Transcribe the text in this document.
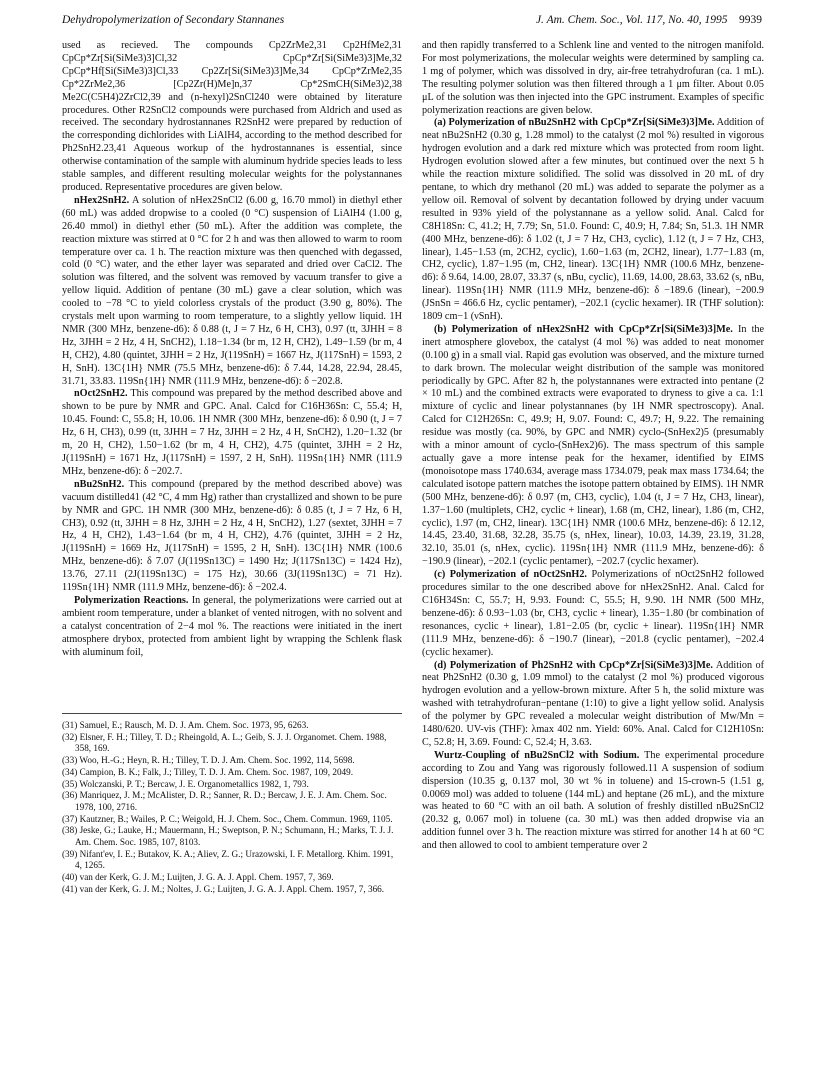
Dehydropolymerization of Secondary Stannanes	J. Am. Chem. Soc., Vol. 117, No. 40, 1995 9939

used as recieved. The compounds Cp2ZrMe2,31 Cp2HfMe2,31 CpCp*Zr[Si(SiMe3)3]Cl,32 CpCp*Zr[Si(SiMe3)3]Me,32 CpCp*Hf[Si(SiMe3)3]Cl,33 Cp2Zr[Si(SiMe3)3]Me,34 CpCp*ZrMe2,35 Cp*2ZrMe2,36 [Cp2Zr(H)Me]n,37 Cp*2SmCH(SiMe3)2,38 Me2C(C5H4)2ZrCl2,39 and (n-hexyl)2SnCl240 were obtained by literature procedures. Other R2SnCl2 compounds were purchased from Aldrich and used as received. The secondary hydrostannanes R2SnH2 were prepared by reduction of the corresponding dichlorides with LiAlH4, according to the method described for Ph2SnH2.23,41 Aqueous workup of the hydrostannanes is essential, since otherwise contamination of the sample with aluminum hydride species leads to less stable samples, and different resulting molecular weights for the polystannanes produced. Representative procedures are given below.

nHex2SnH2. A solution of nHex2SnCl2 (6.00 g, 16.70 mmol) in diethyl ether (60 mL) was added dropwise to a cooled (0 °C) suspension of LiAlH4 (1.00 g, 26.40 mmol) in diethyl ether (50 mL). After the addition was complete, the reaction mixture was stirred at 0 °C for 2 h and was then allowed to warm to room temperature over ca. 1 h. The reaction mixture was then quenched with degassed, cold (0 °C) water, and the ether layer was separated and dried over CaCl2. The solution was filtered, and the solvent was removed by vacuum transfer to give a yellow liquid. Addition of pentane (30 mL) gave a clear solution, which was cooled to −78 °C to yield colorless crystals of the product (3.90 g, 80%). The crystals melt upon warming to room temperature, to a slightly yellow liquid. 1H NMR (300 MHz, benzene-d6): δ 0.88 (t, J = 7 Hz, 6 H, CH3), 0.97 (tt, 3JHH = 8 Hz, 3JHH = 2 Hz, 4 H, SnCH2), 1.18−1.34 (br m, 12 H, CH2), 1.49−1.59 (br m, 4 H, CH2), 4.80 (quintet, 3JHH = 2 Hz, J(119SnH) = 1667 Hz, J(117SnH) = 1593, 2 H, SnH). 13C{1H} NMR (75.5 MHz, benzene-d6): δ 7.44, 14.28, 22.94, 28.45, 31.71, 33.83. 119Sn{1H} NMR (111.9 MHz, benzene-d6): δ −202.8.

nOct2SnH2. This compound was prepared by the method described above and shown to be pure by NMR and GPC. Anal. Calcd for C16H36Sn: C, 55.4; H, 10.45. Found: C, 55.8; H, 10.06. 1H NMR (300 MHz, benzene-d6): δ 0.90 (t, J = 7 Hz, 6 H, CH3), 0.99 (tt, 3JHH = 7 Hz, 3JHH = 2 Hz, 4 H, SnCH2), 1.20−1.32 (br m, 20 H, CH2), 1.50−1.62 (br m, 4 H, CH2), 4.75 (quintet, 3JHH = 2 Hz, J(119SnH) = 1671 Hz, J(117SnH) = 1597, 2 H, SnH). 119Sn{1H} NMR (111.9 MHz, benzene-d6): δ −202.7.

nBu2SnH2. This compound (prepared by the method described above) was vacuum distilled41 (42 °C, 4 mm Hg) rather than crystallized and shown to be pure by NMR and GPC. 1H NMR (300 MHz, benzene-d6): δ 0.85 (t, J = 7 Hz, 6 H, CH3), 0.92 (tt, 3JHH = 8 Hz, 3JHH = 2 Hz, 4 H, SnCH2), 1.27 (sextet, 3JHH = 7 Hz, 4 H, CH2), 1.43−1.64 (br m, 4 H, CH2), 4.76 (quintet, 3JHH = 2 Hz, J(119SnH) = 1669 Hz, J(117SnH) = 1595, 2 H, SnH). 13C{1H} NMR (100.6 MHz, benzene-d6): δ 7.07 (J(119Sn13C) = 1490 Hz; J(117Sn13C) = 1424 Hz), 13.76, 27.11 (2J(119Sn13C) = 175 Hz), 30.66 (3J(119Sn13C) = 71 Hz). 119Sn{1H} NMR (111.9 MHz, benzene-d6): δ −202.4.

Polymerization Reactions. In general, the polymerizations were carried out at ambient room temperature, under a blanket of vented nitrogen, with no solvent and a catalyst concentration of 2−4 mol %. The reactions were initiated in the inert atmosphere drybox, protected from ambient light by wrapping the Schlenk flask with aluminum foil,

(31) Samuel, E.; Rausch, M. D. J. Am. Chem. Soc. 1973, 95, 6263.
(32) Elsner, F. H.; Tilley, T. D.; Rheingold, A. L.; Geib, S. J. J. Organomet. Chem. 1988, 358, 169.
(33) Woo, H.-G.; Heyn, R. H.; Tilley, T. D. J. Am. Chem. Soc. 1992, 114, 5698.
(34) Campion, B. K.; Falk, J.; Tilley, T. D. J. Am. Chem. Soc. 1987, 109, 2049.
(35) Wolczanski, P. T.; Bercaw, J. E. Organometallics 1982, 1, 793.
(36) Manriquez, J. M.; McAlister, D. R.; Sanner, R. D.; Bercaw, J. E. J. Am. Chem. Soc. 1978, 100, 2716.
(37) Kautzner, B.; Wailes, P. C.; Weigold, H. J. Chem. Soc., Chem. Commun. 1969, 1105.
(38) Jeske, G.; Lauke, H.; Mauermann, H.; Sweptson, P. N.; Schumann, H.; Marks, T. J. J. Am. Chem. Soc. 1985, 107, 8103.
(39) Nifant'ev, I. E.; Butakov, K. A.; Aliev, Z. G.; Urazowski, I. F. Metallorg. Khim. 1991, 4, 1265.
(40) van der Kerk, G. J. M.; Luijten, J. G. A. J. Appl. Chem. 1957, 7, 369.
(41) van der Kerk, G. J. M.; Noltes, J. G.; Luijten, J. G. A. J. Appl. Chem. 1957, 7, 366.

and then rapidly transferred to a Schlenk line and vented to the nitrogen manifold. For most polymerizations, the molecular weights were determined by sampling ca. 1 mg of polymer, which was dissolved in dry, air-free tetrahydrofuran (ca. 1 mL). The resulting polymer solution was then filtered through a 1 μm filter. About 0.05 μL of the solution was then injected into the GPC instrument. Examples of specific polymerization reactions are given below.

(a) Polymerization of nBu2SnH2 with CpCp*Zr[Si(SiMe3)3]Me. Addition of neat nBu2SnH2 (0.30 g, 1.28 mmol) to the catalyst (2 mol %) resulted in vigorous hydrogen evolution and a dark red mixture which was protected from room light. Hydrogen evolution slowed after a few minutes, but continued over the next 5 h while the reaction mixture solidified. The solid was dissolved in 20 mL of dry pentane, to which dry methanol (20 mL) was added to separate the polymer as a yellow oil. Removal of solvent by decantation followed by drying under vacuum resulted in 93% yield of the polystannane as a yellow solid. Anal. Calcd for C8H18Sn: C, 41.2; H, 7.79; Sn, 51.0. Found: C, 40.9; H, 7.84; Sn, 51.3. 1H NMR (400 MHz, benzene-d6): δ 1.02 (t, J = 7 Hz, CH3, cyclic), 1.12 (t, J = 7 Hz, CH3, linear), 1.45−1.53 (m, 2CH2, cyclic), 1.60−1.63 (m, 2CH2, linear), 1.77−1.83 (m, CH2, cyclic), 1.87−1.95 (m, CH2, linear). 13C{1H} NMR (100.6 MHz, benzene-d6): δ 9.64, 14.00, 28.07, 33.37 (s, nBu, cyclic), 11.69, 14.00, 28.63, 33.62 (s, nBu, linear). 119Sn{1H} NMR (111.9 MHz, benzene-d6): δ −189.6 (linear), −200.9 (JSnSn = 466.6 Hz, cyclic pentamer), −202.1 (cyclic hexamer). IR (THF solution): 1809 cm−1 (νSnH).

(b) Polymerization of nHex2SnH2 with CpCp*Zr[Si(SiMe3)3]Me. In the inert atmosphere glovebox, the catalyst (4 mol %) was added to neat monomer (0.100 g) in a small vial. Rapid gas evolution was observed, and the mixture turned to dark brown. The molecular weight distribution of the sample was monitored periodically by GPC. After 82 h, the polystannanes were extracted into pentane (2 × 10 mL) and the combined extracts were evaporated to dryness to give a ca. 1:1 mixture of cyclic and linear polystannanes (by 1H NMR spectroscopy). Anal. Calcd for C12H26Sn: C, 49.9; H, 9.07. Found: C, 49.7; H, 9.22. The remaining residue was mostly (ca. 90%, by GPC and NMR) cyclo-(SnHex2)5 (presumably with a minor amount of cyclo-(SnHex2)6). The mass spectrum of this sample actually gave a more intense peak for the hexamer, identified by EIMS (monoisotope mass 1740.634, average mass 1734.079, peak max mass 1734.64; the calculated isotope pattern matches the isotope pattern obtained by EIMS). 1H NMR (500 MHz, benzene-d6): δ 0.97 (m, CH3, cyclic), 1.04 (t, J = 7 Hz, CH3, linear), 1.37−1.60 (multiplets, CH2, cyclic + linear), 1.68 (m, CH2, linear), 1.86 (m, CH2, cyclic), 1.97 (m, CH2, linear). 13C{1H} NMR (100.6 MHz, benzene-d6): δ 12.12, 14.45, 23.40, 31.68, 32.28, 35.75 (s, nHex, linear), 10.03, 14.39, 23.19, 31.28, 32.10, 35.01 (s, nHex, cyclic). 119Sn{1H} NMR (111.9 MHz, benzene-d6): δ −190.9 (linear), −202.1 (cyclic pentamer), −202.7 (cyclic hexamer).

(c) Polymerization of nOct2SnH2. Polymerizations of nOct2SnH2 followed procedures similar to the one described above for nHex2SnH2. Anal. Calcd for C16H34Sn: C, 55.7; H, 9.93. Found: C, 55.5; H, 9.90. 1H NMR (500 MHz, benzene-d6): δ 0.93−1.03 (br, CH3, cyclic + linear), 1.35−1.80 (br combination of resonances, cyclic + linear), 1.81−2.05 (br, cyclic + linear). 119Sn{1H} NMR (111.9 MHz, benzene-d6): δ −190.7 (linear), −201.8 (cyclic pentamer), −202.4 (cyclic hexamer).

(d) Polymerization of Ph2SnH2 with CpCp*Zr[Si(SiMe3)3]Me. Addition of neat Ph2SnH2 (0.30 g, 1.09 mmol) to the catalyst (2 mol %) produced vigorous hydrogen evolution and a yellow-brown mixture. After 5 h, the solid mixture was washed with tetrahydrofuran−pentane (1:10) to give a light yellow solid. Analysis of the polymer by GPC revealed a molecular weight distribution of Mw/Mn = 1480/620. UV-vis (THF): λmax 402 nm. Yield: 60%. Anal. Calcd for C12H10Sn: C, 52.8; H, 3.69. Found: C, 52.4; H, 3.63.

Wurtz-Coupling of nBu2SnCl2 with Sodium. The experimental procedure according to Zou and Yang was rigorously followed.11 A suspension of sodium dispersion (10.35 g, 0.137 mol, 30 wt % in toluene) and 15-crown-5 (1.51 g, 0.0069 mol) was added to toluene (144 mL) and heptane (26 mL), and the mixture was heated to 60 °C with an oil bath. A solution of freshly distilled nBu2SnCl2 (20.32 g, 0.067 mol) in toluene (ca. 30 mL) was then added dropwise via an addition funnel over 3 h. The reaction mixture was stirred for another 14 h at 60 °C and then allowed to cool to ambient temperature over 2
